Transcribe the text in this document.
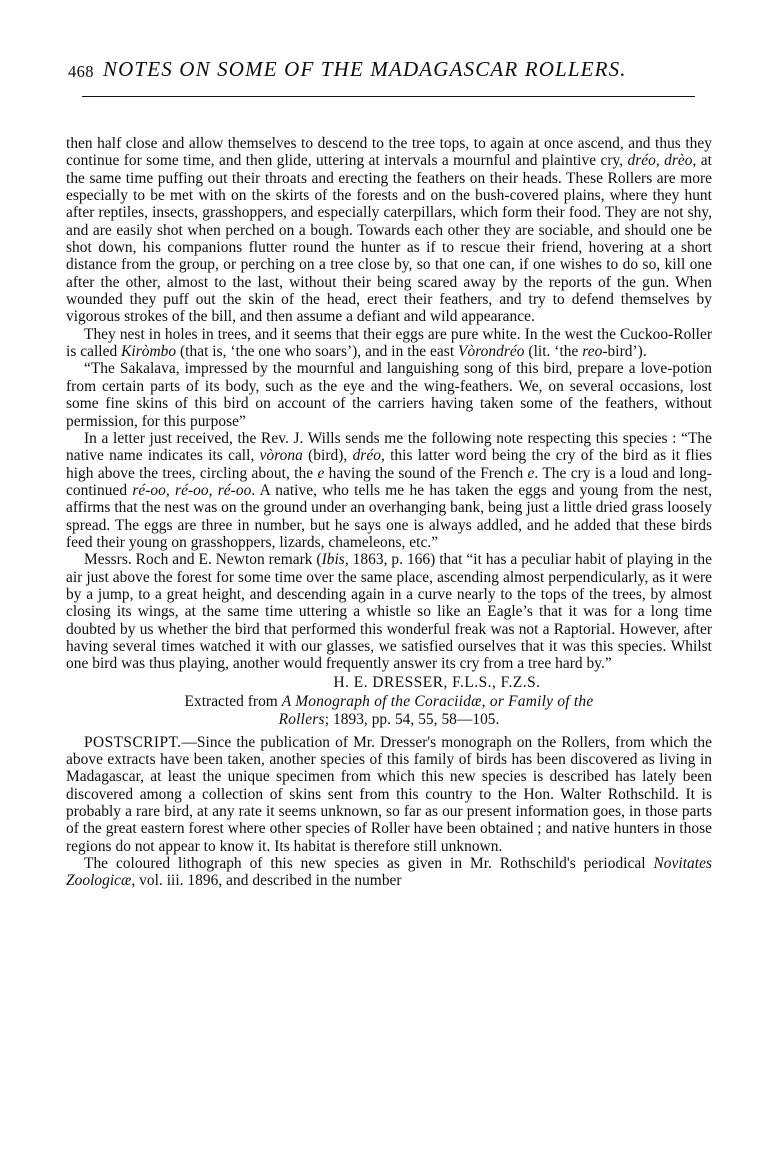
468 NOTES ON SOME OF THE MADAGASCAR ROLLERS.

then half close and allow themselves to descend to the tree tops, to again at once ascend, and thus they continue for some time, and then glide, uttering at intervals a mournful and plaintive cry, dréo, drèo, at the same time puffing out their throats and erecting the feathers on their heads. These Rollers are more especially to be met with on the skirts of the forests and on the bush-covered plains, where they hunt after reptiles, insects, grasshoppers, and especially caterpillars, which form their food. They are not shy, and are easily shot when perched on a bough. Towards each other they are sociable, and should one be shot down, his companions flutter round the hunter as if to rescue their friend, hovering at a short distance from the group, or perching on a tree close by, so that one can, if one wishes to do so, kill one after the other, almost to the last, without their being scared away by the reports of the gun. When wounded they puff out the skin of the head, erect their feathers, and try to defend themselves by vigorous strokes of the bill, and then assume a defiant and wild appearance.

They nest in holes in trees, and it seems that their eggs are pure white. In the west the Cuckoo-Roller is called Kiròmbo (that is, ‘the one who soars’), and in the east Vòrondréo (lit. ‘the reo-bird’).

“The Sakalava, impressed by the mournful and languishing song of this bird, prepare a love-potion from certain parts of its body, such as the eye and the wing-feathers. We, on several occasions, lost some fine skins of this bird on account of the carriers having taken some of the feathers, without permission, for this purpose”

In a letter just received, the Rev. J. Wills sends me the following note respecting this species : “The native name indicates its call, vòrona (bird), dréo, this latter word being the cry of the bird as it flies high above the trees, circling about, the e having the sound of the French e. The cry is a loud and long-continued ré-oo, ré-oo, ré-oo. A native, who tells me he has taken the eggs and young from the nest, affirms that the nest was on the ground under an overhanging bank, being just a little dried grass loosely spread. The eggs are three in number, but he says one is always addled, and he added that these birds feed their young on grasshoppers, lizards, chameleons, etc.”

Messrs. Roch and E. Newton remark (Ibis, 1863, p. 166) that “it has a peculiar habit of playing in the air just above the forest for some time over the same place, ascending almost perpendicularly, as it were by a jump, to a great height, and descending again in a curve nearly to the tops of the trees, by almost closing its wings, at the same time uttering a whistle so like an Eagle’s that it was for a long time doubted by us whether the bird that performed this wonderful freak was not a Raptorial. However, after having several times watched it with our glasses, we satisfied ourselves that it was this species. Whilst one bird was thus playing, another would frequently answer its cry from a tree hard by.”

H. E. DRESSER, F.L.S., F.Z.S.

Extracted from A Monograph of the Coraciidæ, or Family of the
Rollers; 1893, pp. 54, 55, 58—105.

POSTSCRIPT.—Since the publication of Mr. Dresser's monograph on the Rollers, from which the above extracts have been taken, another species of this family of birds has been discovered as living in Madagascar, at least the unique specimen from which this new species is described has lately been discovered among a collection of skins sent from this country to the Hon. Walter Rothschild. It is probably a rare bird, at any rate it seems unknown, so far as our present information goes, in those parts of the great eastern forest where other species of Roller have been obtained ; and native hunters in those regions do not appear to know it. Its habitat is therefore still unknown.

The coloured lithograph of this new species as given in Mr. Rothschild's periodical Novitates Zoologicæ, vol. iii. 1896, and described in the number
